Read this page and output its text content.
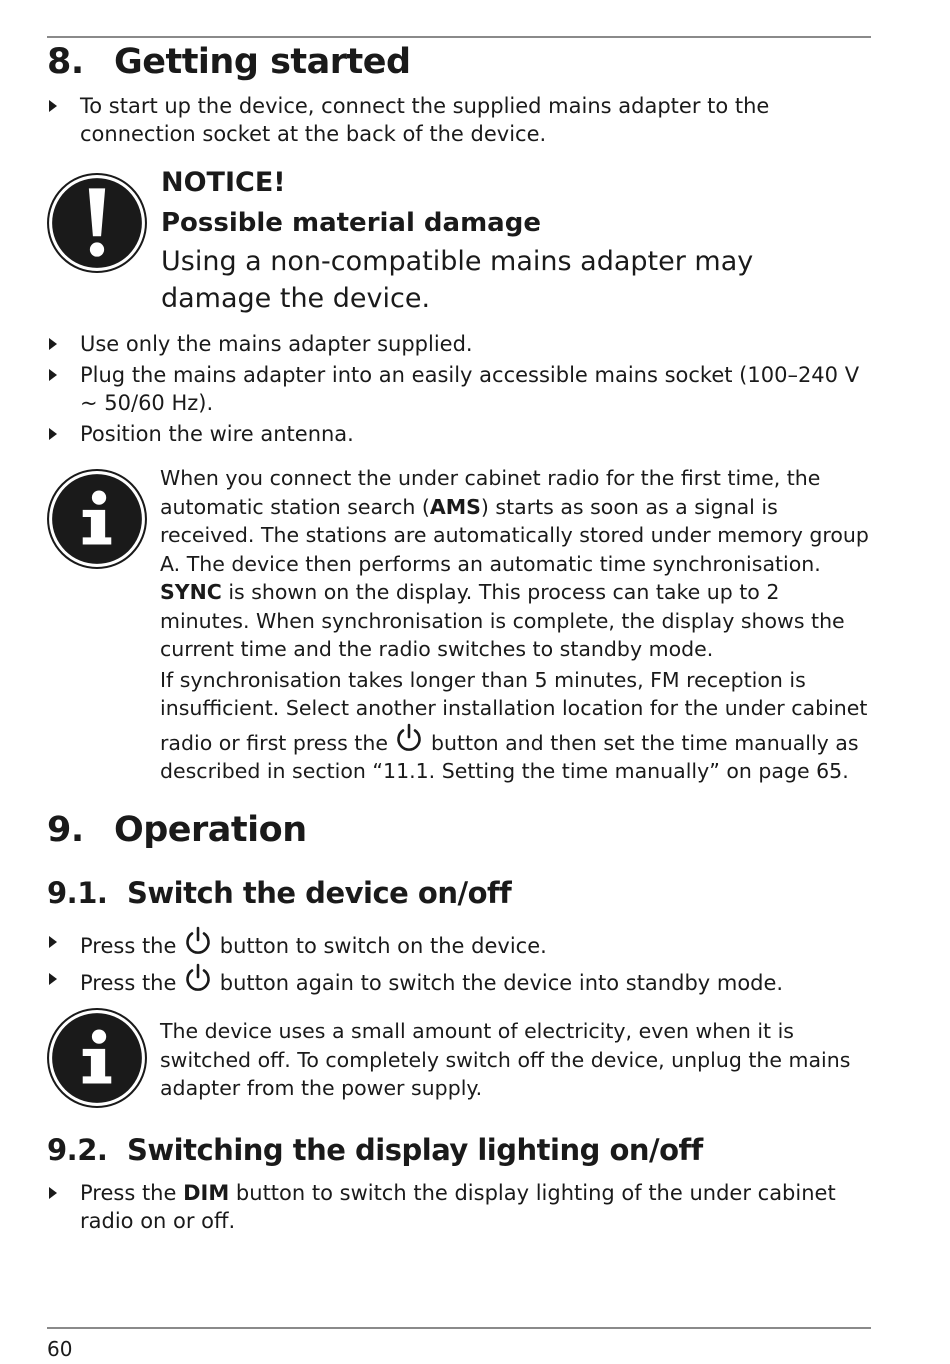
8. Getting started
To start up the device, connect the supplied mains adapter to the connection socket at the back of the device.
NOTICE!
Possible material damage
Using a non-compatible mains adapter may damage the device.
Use only the mains adapter supplied.
Plug the mains adapter into an easily accessible mains socket (100–240 V ~ 50/60 Hz).
Position the wire antenna.

When you connect the under cabinet radio for the first time, the automatic station search (AMS) starts as soon as a signal is received. The stations are automatically stored under memory group A. The device then performs an automatic time synchronisation. SYNC is shown on the display. This process can take up to 2 minutes. When synchronisation is complete, the display shows the current time and the radio switches to standby mode.

If synchronisation takes longer than 5 minutes, FM reception is insufficient. Select another installation location for the under cabinet radio or first press the  button and then set the time manually as described in section “11.1. Setting the time manually” on page 65.

9. Operation
9.1. Switch the device on/off
Press the  button to switch on the device.
Press the  button again to switch the device into standby mode.

The device uses a small amount of electricity, even when it is switched off. To completely switch off the device, unplug the mains adapter from the power supply.

9.2. Switching the display lighting on/off
Press the DIM button to switch the display lighting of the under cabinet radio on or off.
60
